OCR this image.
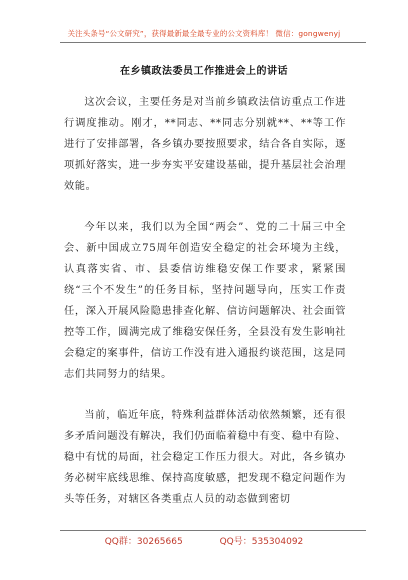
关注头条号“公文研究”，获得最新最全最专业的公文资料库！ 微信：gongwenyj
在乡镇政法委员工作推进会上的讲话

这次会议，主要任务是对当前乡镇政法信访重点工作进行调度推动。刚才，**同志、**同志分别就**、**等工作进行了安排部署，各乡镇办要按照要求，结合各自实际，逐项抓好落实，进一步夯实平安建设基础，提升基层社会治理效能。

今年以来，我们以为全国“两会”、党的二十届三中全会、新中国成立75周年创造安全稳定的社会环境为主线，认真落实省、市、县委信访维稳安保工作要求，紧紧围绕“三个不发生”的任务目标，坚持问题导向，压实工作责任，深入开展风险隐患排查化解、信访问题解决、社会面管控等工作，圆满完成了维稳安保任务，全县没有发生影响社会稳定的案事件，信访工作没有进入通报约谈范围，这是同志们共同努力的结果。

当前，临近年底，特殊利益群体活动依然频繁，还有很多矛盾问题没有解决，我们仍面临着稳中有变、稳中有险、稳中有忧的局面，社会稳定工作压力很大。对此，各乡镇办务必树牢底线思维、保持高度敏感，把发现不稳定问题作为头等任务，对辖区各类重点人员的动态做到密切

QQ群：30265665	QQ号：535304092
